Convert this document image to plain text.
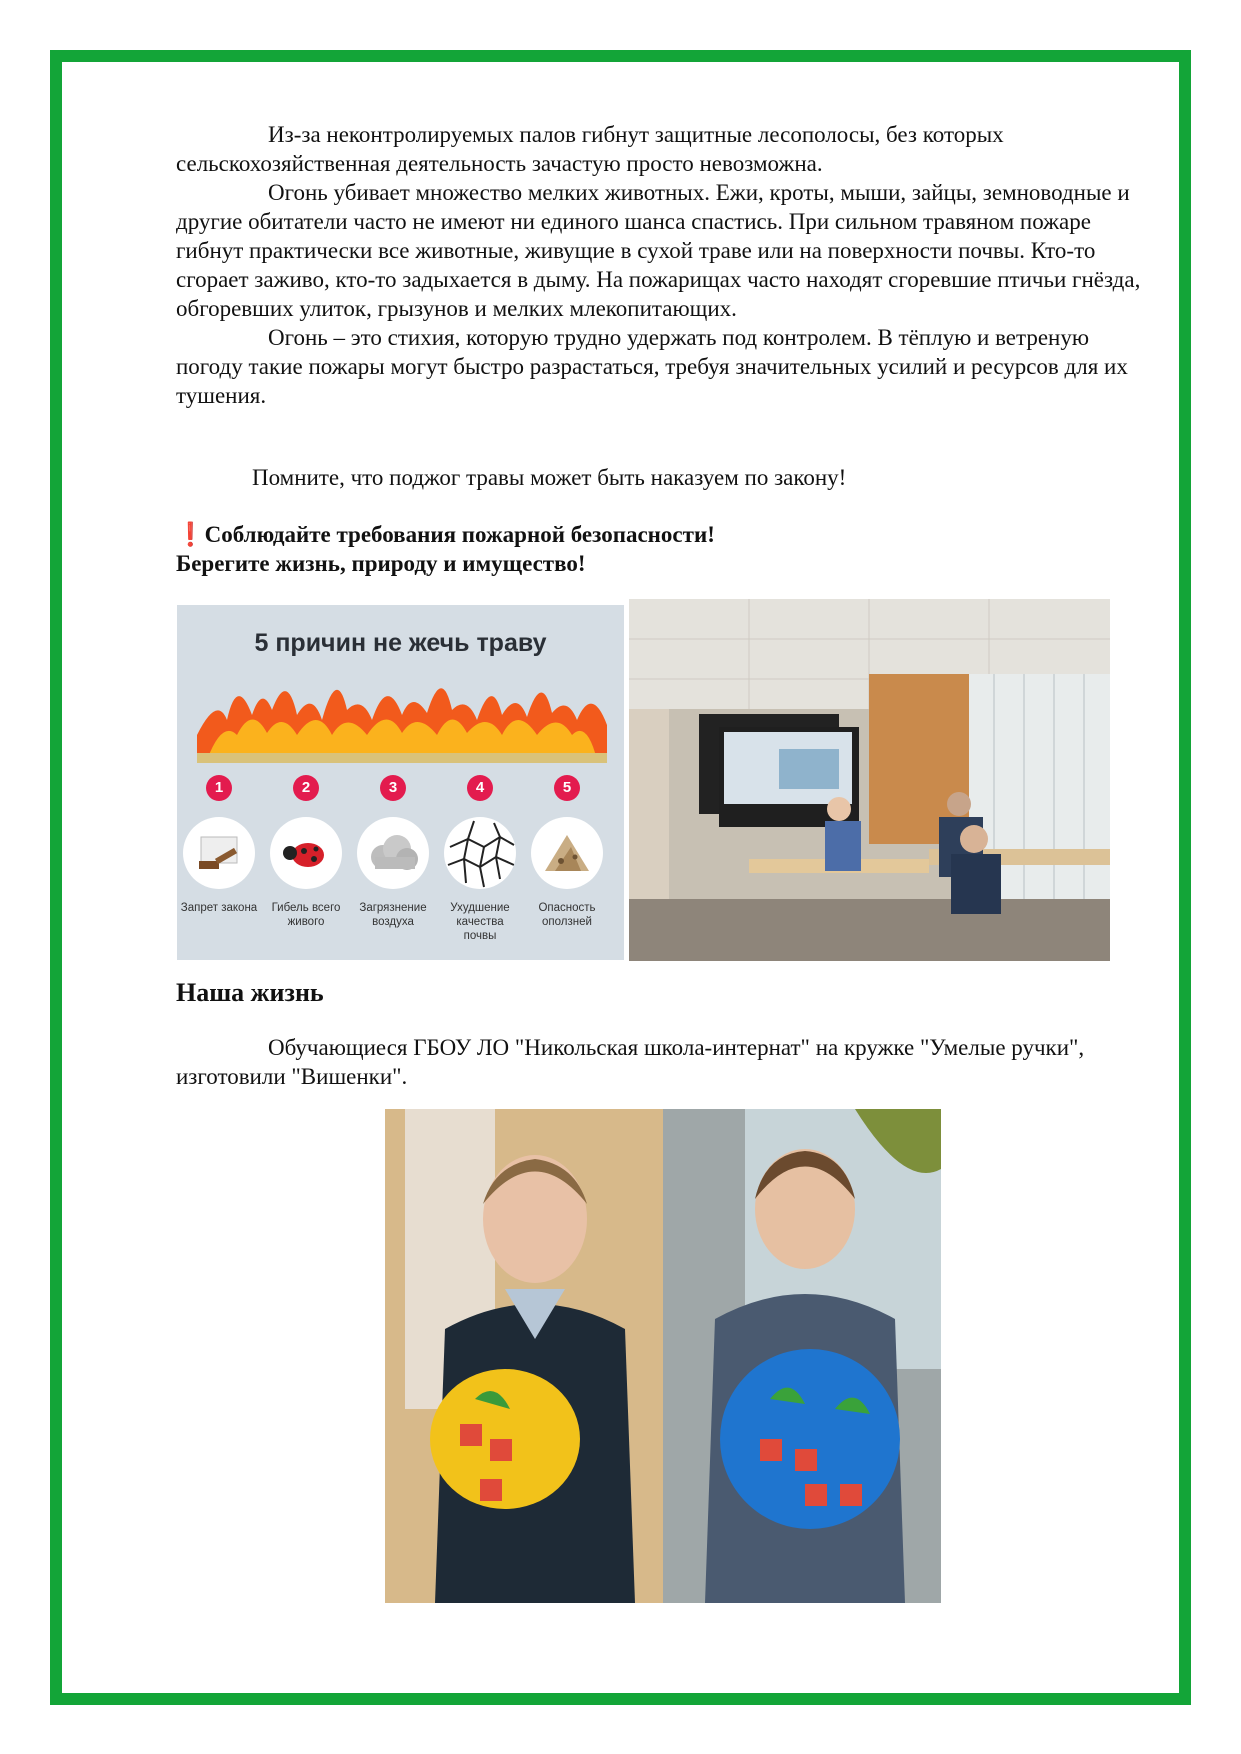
Из-за неконтролируемых палов гибнут защитные лесополосы, без которых сельскохозяйственная деятельность зачастую просто невозможна.

Огонь убивает множество мелких животных. Ежи, кроты, мыши, зайцы, земноводные и другие обитатели часто не имеют ни единого шанса спастись. При сильном травяном пожаре гибнут практически все животные, живущие в сухой траве или на поверхности почвы. Кто-то сгорает заживо, кто-то задыхается в дыму. На пожарищах часто находят сгоревшие птичьи гнёзда, обгоревших улиток, грызунов и мелких млекопитающих.

Огонь – это стихия, которую трудно удержать под контролем. В тёплую и ветреную погоду такие пожары могут быстро разрастаться, требуя значительных усилий и ресурсов для их тушения.

Помните, что поджог травы может быть наказуем по закону!

❗Соблюдайте требования пожарной безопасности!

Берегите жизнь, природу и имущество!

5 причин не жечь траву
1
Запрет закона
2
Гибель всего живого
3
Загрязнение воздуха
4
Ухудшение качества почвы
5
Опасность оползней
Наша жизнь

Обучающиеся ГБОУ ЛО "Никольская школа-интернат" на кружке "Умелые ручки", изготовили "Вишенки".
